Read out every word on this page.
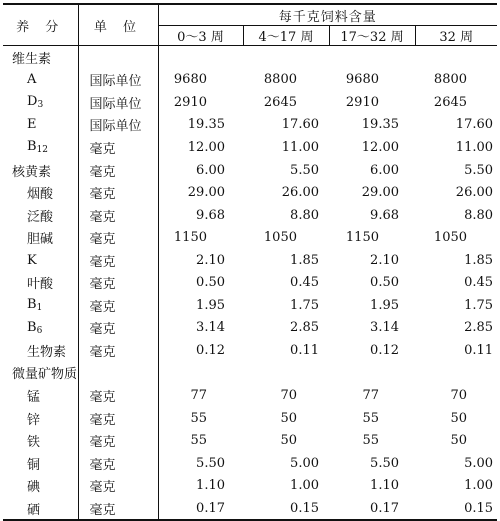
养 分	单 位	每千克饲料含量			
		0～3 周	4～17 周	17～32 周	32 周
维生素					
A	国际单位	9680	8800	9680	8800
$D_3$	国际单位	2910	2645	2910	2645
E	国际单位	19.35	17.60	19.35	17.60
$B_{12}$	毫克	12.00	11.00	12.00	11.00
核黄素	毫克	6.00	5.50	6.00	5.50
烟酸	毫克	29.00	26.00	29.00	26.00
泛酸	毫克	9.68	8.80	9.68	8.80
胆碱	毫克	1150	1050	1150	1050
K	毫克	2.10	1.85	2.10	1.85
叶酸	毫克	0.50	0.45	0.50	0.45
$B_1$	毫克	1.95	1.75	1.95	1.75
$B_6$	毫克	3.14	2.85	3.14	2.85
生物素	毫克	0.12	0.11	0.12	0.11
微量矿物质					
锰	毫克	77	70	77	70
锌	毫克	55	50	55	50
铁	毫克	55	50	55	50
铜	毫克	5.50	5.00	5.50	5.00
碘	毫克	1.10	1.00	1.10	1.00
硒	毫克	0.17	0.15	0.17	0.15
